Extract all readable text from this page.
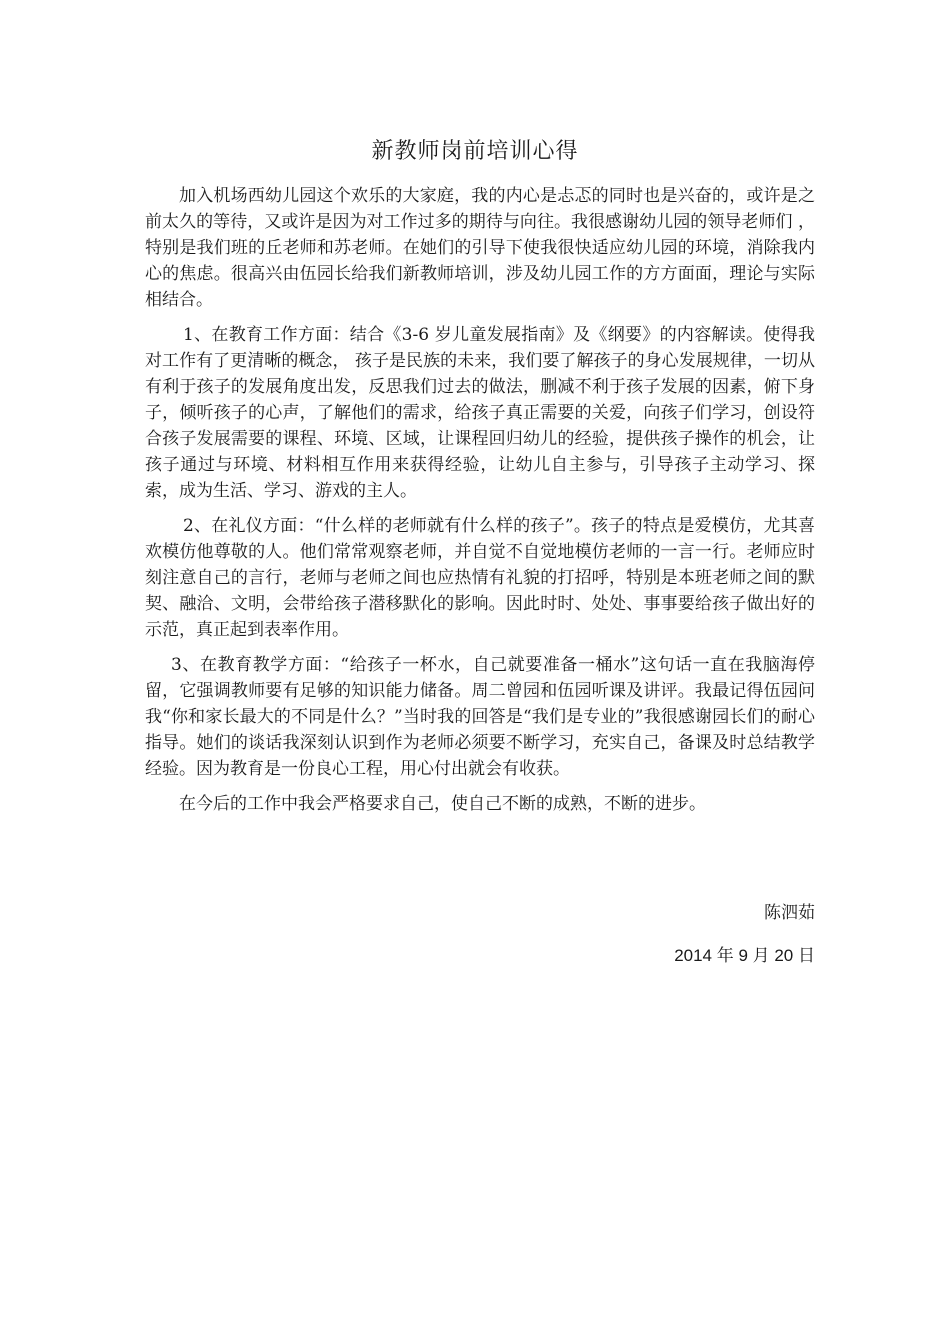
新教师岗前培训心得

加入机场西幼儿园这个欢乐的大家庭，我的内心是忐忑的同时也是兴奋的，或许是之前太久的等待，又或许是因为对工作过多的期待与向往。我很感谢幼儿园的领导老师们 ，特别是我们班的丘老师和苏老师。在她们的引导下使我很快适应幼儿园的环境，消除我内心的焦虑。很高兴由伍园长给我们新教师培训，涉及幼儿园工作的方方面面，理论与实际相结合。

1、在教育工作方面：结合《3-6 岁儿童发展指南》及《纲要》的内容解读。使得我对工作有了更清晰的概念， 孩子是民族的未来，我们要了解孩子的身心发展规律，一切从有利于孩子的发展角度出发，反思我们过去的做法，删减不利于孩子发展的因素，俯下身子，倾听孩子的心声，了解他们的需求，给孩子真正需要的关爱，向孩子们学习，创设符合孩子发展需要的课程、环境、区域，让课程回归幼儿的经验，提供孩子操作的机会，让孩子通过与环境、材料相互作用来获得经验，让幼儿自主参与，引导孩子主动学习、探索，成为生活、学习、游戏的主人。

2、在礼仪方面：“什么样的老师就有什么样的孩子”。孩子的特点是爱模仿，尤其喜欢模仿他尊敬的人。他们常常观察老师，并自觉不自觉地模仿老师的一言一行。老师应时刻注意自己的言行，老师与老师之间也应热情有礼貌的打招呼，特别是本班老师之间的默契、融洽、文明，会带给孩子潜移默化的影响。因此时时、处处、事事要给孩子做出好的示范，真正起到表率作用。

3、在教育教学方面：“给孩子一杯水，自己就要准备一桶水”这句话一直在我脑海停留，它强调教师要有足够的知识能力储备。周二曾园和伍园听课及讲评。我最记得伍园问我“你和家长最大的不同是什么？”当时我的回答是“我们是专业的”我很感谢园长们的耐心指导。她们的谈话我深刻认识到作为老师必须要不断学习，充实自己，备课及时总结教学经验。因为教育是一份良心工程，用心付出就会有收获。

在今后的工作中我会严格要求自己，使自己不断的成熟，不断的进步。

陈泗茹
2014 年 9 月 20 日
